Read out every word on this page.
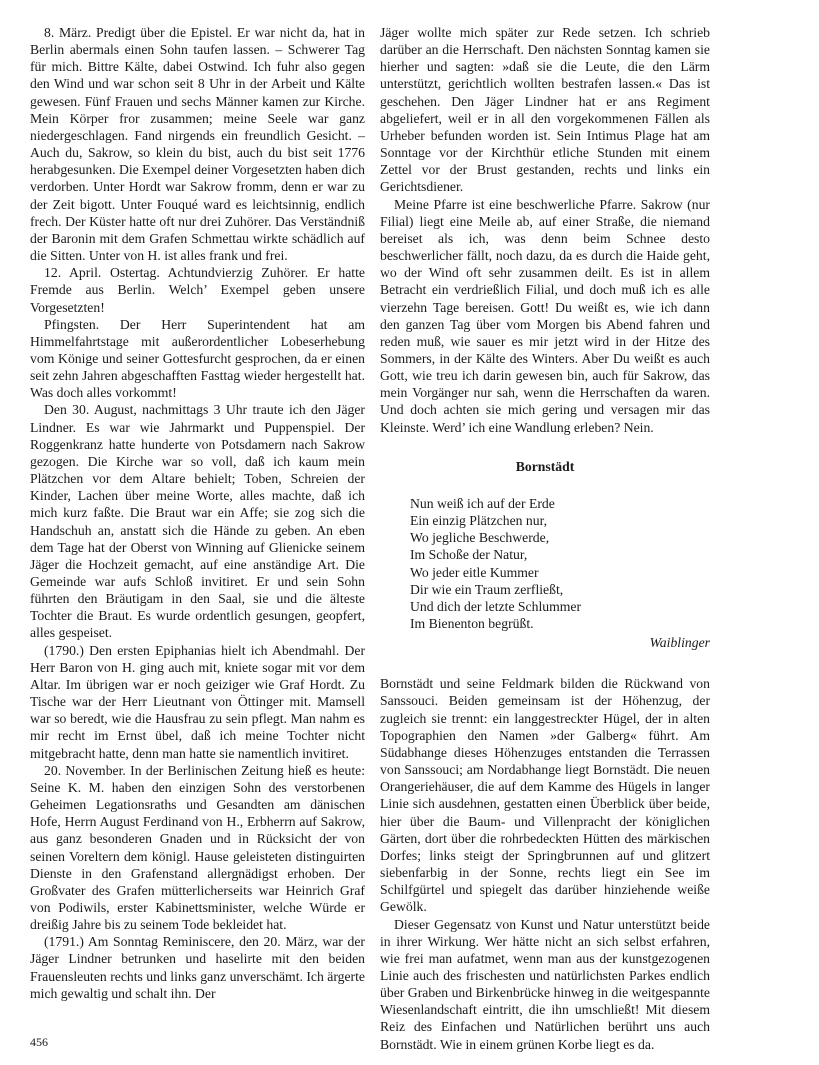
8. März. Predigt über die Epistel. Er war nicht da, hat in Berlin abermals einen Sohn taufen lassen. – Schwerer Tag für mich. Bittre Kälte, dabei Ostwind. Ich fuhr also gegen den Wind und war schon seit 8 Uhr in der Arbeit und Kälte gewesen. Fünf Frauen und sechs Männer kamen zur Kirche. Mein Körper fror zusammen; meine Seele war ganz niedergeschlagen. Fand nirgends ein freundlich Gesicht. – Auch du, Sakrow, so klein du bist, auch du bist seit 1776 herabgesunken. Die Exempel deiner Vorgesetzten haben dich verdorben. Unter Hordt war Sakrow fromm, denn er war zu der Zeit bigott. Unter Fouqué ward es leichtsinnig, endlich frech. Der Küster hatte oft nur drei Zuhörer. Das Verständniß der Baronin mit dem Grafen Schmettau wirkte schädlich auf die Sitten. Unter von H. ist alles frank und frei.

12. April. Ostertag. Achtundvierzig Zuhörer. Er hatte Fremde aus Berlin. Welch’ Exempel geben unsere Vorgesetzten!

Pfingsten. Der Herr Superintendent hat am Himmelfahrtstage mit außerordentlicher Lobeserhebung vom Könige und seiner Gottesfurcht gesprochen, da er einen seit zehn Jahren abgeschafften Fasttag wieder hergestellt hat. Was doch alles vorkommt!

Den 30. August, nachmittags 3 Uhr traute ich den Jäger Lindner. Es war wie Jahrmarkt und Puppenspiel. Der Roggenkranz hatte hunderte von Potsdamern nach Sakrow gezogen. Die Kirche war so voll, daß ich kaum mein Plätzchen vor dem Altare behielt; Toben, Schreien der Kinder, Lachen über meine Worte, alles machte, daß ich mich kurz faßte. Die Braut war ein Affe; sie zog sich die Handschuh an, anstatt sich die Hände zu geben. An eben dem Tage hat der Oberst von Winning auf Glienicke seinem Jäger die Hochzeit gemacht, auf eine anständige Art. Die Gemeinde war aufs Schloß invitiret. Er und sein Sohn führten den Bräutigam in den Saal, sie und die älteste Tochter die Braut. Es wurde ordentlich gesungen, geopfert, alles gespeiset.

(1790.) Den ersten Epiphanias hielt ich Abendmahl. Der Herr Baron von H. ging auch mit, kniete sogar mit vor dem Altar. Im übrigen war er noch geiziger wie Graf Hordt. Zu Tische war der Herr Lieutnant von Öttinger mit. Mamsell war so beredt, wie die Hausfrau zu sein pflegt. Man nahm es mir recht im Ernst übel, daß ich meine Tochter nicht mitgebracht hatte, denn man hatte sie namentlich invitiret.

20. November. In der Berlinischen Zeitung hieß es heute: Seine K. M. haben den einzigen Sohn des verstorbenen Geheimen Legationsraths und Gesandten am dänischen Hofe, Herrn August Ferdinand von H., Erbherrn auf Sakrow, aus ganz besonderen Gnaden und in Rücksicht der von seinen Voreltern dem königl. Hause geleisteten distinguirten Dienste in den Grafenstand allergnädigst erhoben. Der Großvater des Grafen mütterlicherseits war Heinrich Graf von Podiwils, erster Kabinettsminister, welche Würde er dreißig Jahre bis zu seinem Tode bekleidet hat.

(1791.) Am Sonntag Reminiscere, den 20. März, war der Jäger Lindner betrunken und haselirte mit den beiden Frauensleuten rechts und links ganz unverschämt. Ich ärgerte mich gewaltig und schalt ihn. Der

Jäger wollte mich später zur Rede setzen. Ich schrieb darüber an die Herrschaft. Den nächsten Sonntag kamen sie hierher und sagten: »daß sie die Leute, die den Lärm unterstützt, gerichtlich wollten bestrafen lassen.« Das ist geschehen. Den Jäger Lindner hat er ans Regiment abgeliefert, weil er in all den vorgekommenen Fällen als Urheber befunden worden ist. Sein Intimus Plage hat am Sonntage vor der Kirchthür etliche Stunden mit einem Zettel vor der Brust gestanden, rechts und links ein Gerichtsdiener.

Meine Pfarre ist eine beschwerliche Pfarre. Sakrow (nur Filial) liegt eine Meile ab, auf einer Straße, die niemand bereiset als ich, was denn beim Schnee desto beschwerlicher fällt, noch dazu, da es durch die Haide geht, wo der Wind oft sehr zusammen deilt. Es ist in allem Betracht ein verdrießlich Filial, und doch muß ich es alle vierzehn Tage bereisen. Gott! Du weißt es, wie ich dann den ganzen Tag über vom Morgen bis Abend fahren und reden muß, wie sauer es mir jetzt wird in der Hitze des Sommers, in der Kälte des Winters. Aber Du weißt es auch Gott, wie treu ich darin gewesen bin, auch für Sakrow, das mein Vorgänger nur sah, wenn die Herrschaften da waren. Und doch achten sie mich gering und versagen mir das Kleinste. Werd’ ich eine Wandlung erleben? Nein.

Bornstädt
Nun weiß ich auf der Erde
Ein einzig Plätzchen nur,
Wo jegliche Beschwerde,
Im Schoße der Natur,
Wo jeder eitle Kummer
Dir wie ein Traum zerfließt,
Und dich der letzte Schlummer
Im Bienenton begrüßt.
Waiblinger

Bornstädt und seine Feldmark bilden die Rückwand von Sanssouci. Beiden gemeinsam ist der Höhenzug, der zugleich sie trennt: ein langgestreckter Hügel, der in alten Topographien den Namen »der Galberg« führt. Am Südabhange dieses Höhenzuges entstanden die Terrassen von Sanssouci; am Nordabhange liegt Bornstädt. Die neuen Orangeriehäuser, die auf dem Kamme des Hügels in langer Linie sich ausdehnen, gestatten einen Überblick über beide, hier über die Baum- und Villenpracht der königlichen Gärten, dort über die rohrbedeckten Hütten des märkischen Dorfes; links steigt der Springbrunnen auf und glitzert siebenfarbig in der Sonne, rechts liegt ein See im Schilfgürtel und spiegelt das darüber hinziehende weiße Gewölk.

Dieser Gegensatz von Kunst und Natur unterstützt beide in ihrer Wirkung. Wer hätte nicht an sich selbst erfahren, wie frei man aufatmet, wenn man aus der kunstgezogenen Linie auch des frischesten und natürlichsten Parkes endlich über Graben und Birkenbrücke hinweg in die weitgespannte Wiesenlandschaft eintritt, die ihn umschließt! Mit diesem Reiz des Einfachen und Natürlichen berührt uns auch Bornstädt. Wie in einem grünen Korbe liegt es da.

456
